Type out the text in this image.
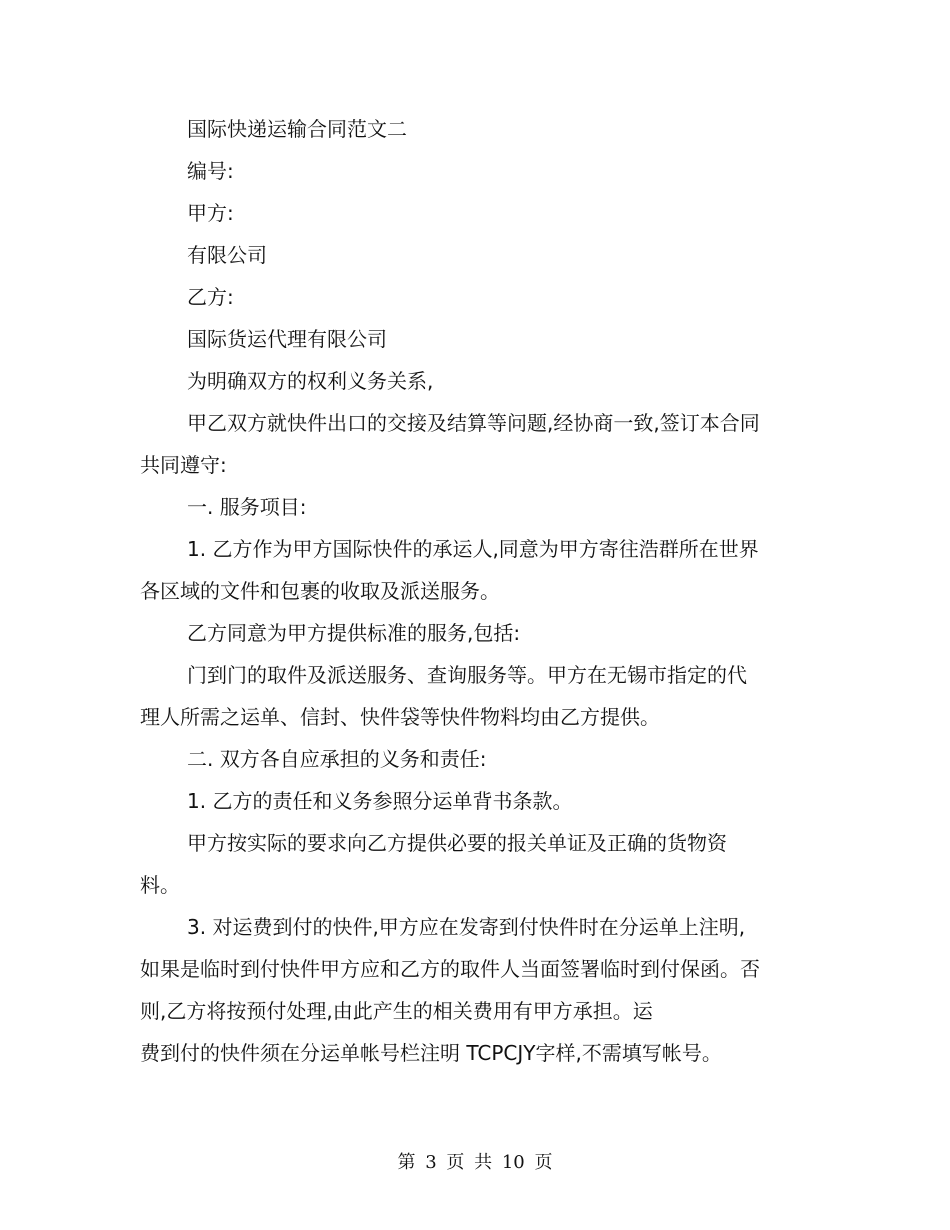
国际快递运输合同范文二

编号:

甲方:

有限公司

乙方:

国际货运代理有限公司

为明确双方的权利义务关系,

甲乙双方就快件出口的交接及结算等问题,经协商一致,签订本合同共同遵守:

一. 服务项目:

1. 乙方作为甲方国际快件的承运人,同意为甲方寄往浩群所在世界各区域的文件和包裹的收取及派送服务。

乙方同意为甲方提供标准的服务,包括:

门到门的取件及派送服务、查询服务等。甲方在无锡市指定的代理人所需之运单、信封、快件袋等快件物料均由乙方提供。

二. 双方各自应承担的义务和责任:

1. 乙方的责任和义务参照分运单背书条款。

甲方按实际的要求向乙方提供必要的报关单证及正确的货物资料。

3. 对运费到付的快件,甲方应在发寄到付快件时在分运单上注明,如果是临时到付快件甲方应和乙方的取件人当面签署临时到付保函。否则,乙方将按预付处理,由此产生的相关费用有甲方承担。运

费到付的快件须在分运单帐号栏注明 TCPCJY字样,不需填写帐号。

第 3 页 共 10 页
